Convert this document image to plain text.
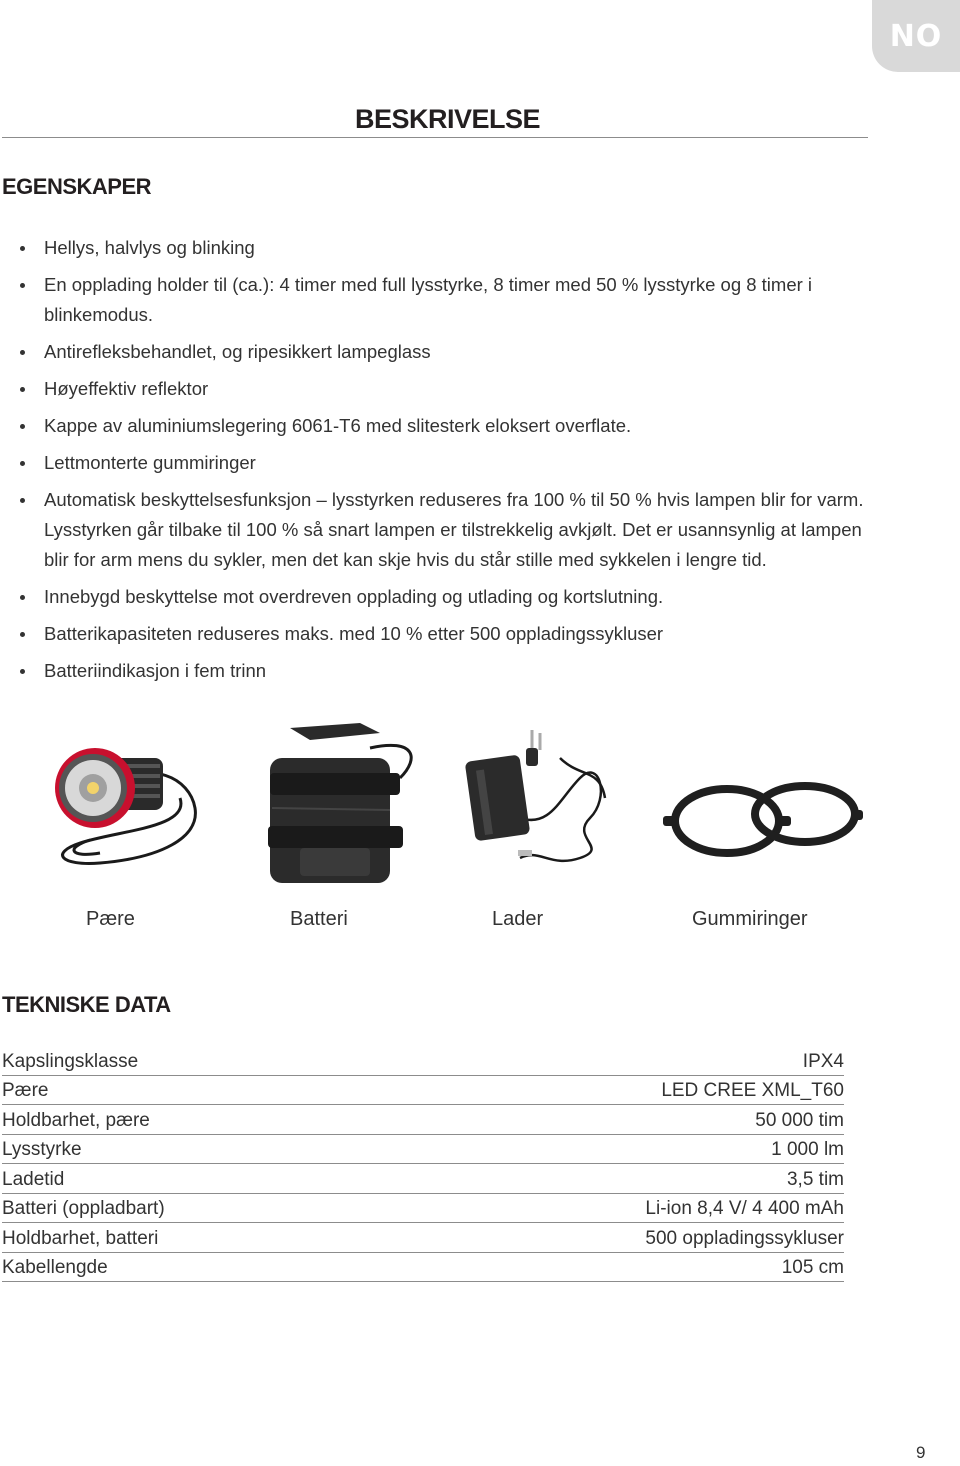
NO
BESKRIVELSE
EGENSKAPER
Hellys, halvlys og blinking
En opplading holder til (ca.): 4 timer med full lysstyrke, 8 timer med 50 % lysstyrke og 8 timer i blinkemodus.
Antirefleksbehandlet, og ripesikkert lampeglass
Høyeffektiv reflektor
Kappe av aluminiumslegering 6061-T6 med slitesterk eloksert overflate.
Lettmonterte gummiringer
Automatisk beskyttelsesfunksjon – lysstyrken reduseres fra 100 % til 50 % hvis lampen blir for varm. Lysstyrken går tilbake til 100 % så snart lampen er tilstrekkelig avkjølt. Det er usannsynlig at lampen blir for arm mens du sykler, men det kan skje hvis du står stille med sykkelen i lengre tid.
Innebygd beskyttelse mot overdreven opplading og utlading og kortslutning.
Batterikapasiteten reduseres maks. med 10 % etter 500 oppladingssykluser
Batteriindikasjon i fem trinn
Pære	Batteri	Lader	Gummiringer
TEKNISKE DATA
Kapslingsklasse	IPX4
Pære	LED CREE XML_T60
Holdbarhet, pære	50 000 tim
Lysstyrke	1 000 lm
Ladetid	3,5 tim
Batteri (oppladbart)	Li-ion 8,4 V/ 4 400 mAh
Holdbarhet, batteri	500 oppladingssykluser
Kabellengde	105 cm
9
